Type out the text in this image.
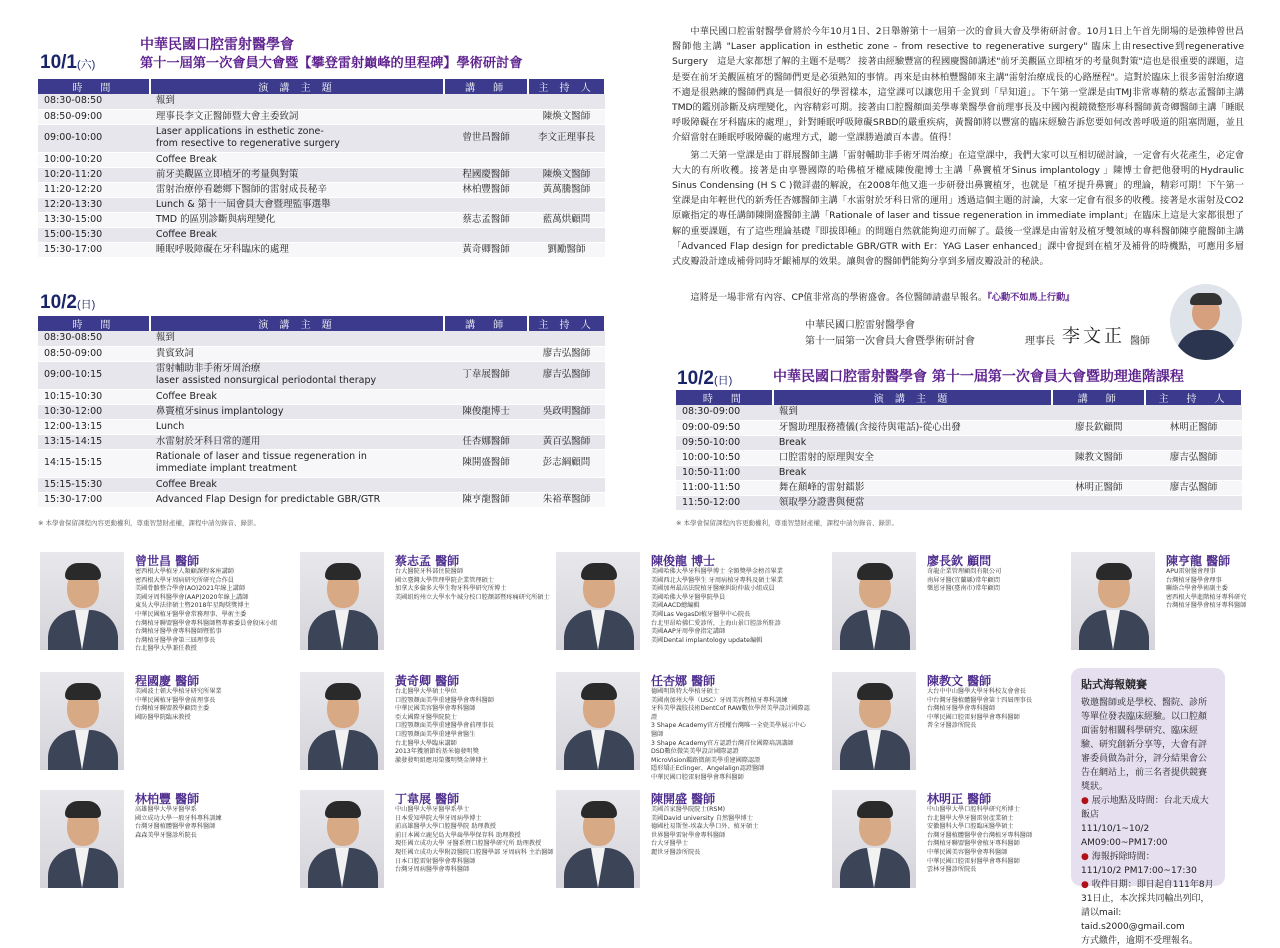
10/1(六)
中華民國口腔雷射醫學會
第十一屆第一次會員大會暨【攀登雷射巔峰的里程碑】學術研討會
時　間	演 講 主 題	講　師	主 持 人
08:30-08:50	報到		
08:50-09:00	理事長李文正醫師暨大會主委致詞		陳煥文醫師
09:00-10:00	Laser applications in esthetic zone-
from resective to regenerative surgery	曾世昌醫師	李文正理事長
10:00-10:20	Coffee Break		
10:20-11:20	前牙美觀區立即植牙的考量與對策	程國慶醫師	陳煥文醫師
11:20-12:20	雷射治療停看聽鄉下醫師的雷射成長秘辛	林柏豐醫師	黃萬騰醫師
12:20-13:30	Lunch & 第十一屆會員大會暨理監事選舉		
13:30-15:00	TMD 的區別診斷與病理變化	蔡志孟醫師	藍萬烘顧問
15:00-15:30	Coffee Break		
15:30-17:00	睡眠呼吸障礙在牙科臨床的處理	黃奇卿醫師	劉勵醫師
10/2(日)
時　間	演 講 主 題	講　師	主 持 人
08:30-08:50	報到		
08:50-09:00	貴賓致詞		廖吉弘醫師
09:00-10:15	雷射輔助非手術牙周治療
laser assisted nonsurgical periodontal therapy	丁韋展醫師	廖吉弘醫師
10:15-10:30	Coffee Break		
10:30-12:00	鼻竇植牙sinus implantology	陳俊龍博士	吳政明醫師
12:00-13:15	Lunch		
13:15-14:15	水雷射於牙科日常的運用	任杏娜醫師	黃百弘醫師
14:15-15:15	Rationale of laser and tissue regeneration in
immediate implant treatment	陳開盛醫師	彭志綱顧問
15:15-15:30	Coffee Break		
15:30-17:00	Advanced Flap Design for predictable GBR/GTR	陳亨龍醫師	朱裕華醫師
※ 本學會保留課程內容更動權利，尊重智慧財產權，課程中請勿錄音、錄影。

中華民國口腔雷射醫學會將於今年10月1日、2日舉辦第十一屆第一次的會員大會及學術研討會。10月1日上午首先開場的是強棒曾世昌醫師他主講 "Laser application in esthetic zone – from resective to regenerative surgery" 臨床上由resective到regenerative Surgery　這是大家都想了解的主題不是嗎？ 接著由經驗豐富的程國慶醫師講述"前牙美觀區立即植牙的考量與對策"這也是很重要的課題，這是要在前牙美觀區植牙的醫師們更是必須熟知的事情。再來是由林柏豐醫師來主講"雷射治療成長的心路歷程"。這對於臨床上很多雷射治療適不適是很熟練的醫師們真是一個很好的學習樣本，這堂課可以讓您用千金買到「早知道」。下午第一堂課是由TMJ非常專精的蔡志孟醫師主講TMD的鑑別診斷及病理變化，內容精彩可期。接著由口腔醫顏面美學專業醫學會前理事長及中國內視鏡微整形專科醫師黃奇卿醫師主講「睡眠呼吸障礙在牙科臨床的處理」，針對睡眠呼吸障礙SRBD的嚴重疾病，黃醫師將以豐富的臨床經驗告訴您要如何改善呼吸道的阻塞問題，並且介紹當射在睡眠呼吸障礙的處理方式，聽一堂課勝過讀百本書。值得！

第二天第一堂課是由丁群展醫師主講「雷射輔助非手術牙周治療」在這堂課中，我們大家可以互相切磋討論，一定會有火花產生，必定會大大的有所收穫。接著是由享譽國際的哈佛植牙權威陳俊龍博士主講「鼻竇植牙Sinus implantology 」陳博士會把他發明的Hydraulic Sinus Condensing (H S C )微詳盡的解說，在2008年他又進一步研發出鼻竇植牙，也就是「植牙提升鼻竇」的理論，精彩可期！下午第一堂課是由年輕世代的新秀任杏娜醫師主講「水雷射於牙科日常的運用」透過這個主題的討論，大家一定會有很多的收穫。接著是水雷射及CO2原廠指定的專任講師陳開盛醫師主講「Rationale of laser and tissue regeneration in immediate implant」在臨床上這是大家都很想了解的重要課題，有了這些理論基礎『即拔即種』的問題自然就能夠迎刃而解了。最後一堂課是由雷射及植牙雙領域的專科醫師陳亨龍醫師主講「Advanced Flap design for predictable GBR/GTR with Er：YAG Laser enhanced」課中會提到在植牙及補骨的時機點，可應用多層式皮瓣設計達成補骨同時牙齦補厚的效果。讓與會的醫師們能夠分享到多層皮瓣設計的秘訣。

這將是一場非常有內容、CP值非常高的學術盛會。各位醫師請盡早報名。『心動不如馬上行動』

中華民國口腔雷射醫學會
第十一屆第一次會員大會暨學術研討會	理事長 李文正 醫師
10/2(日)	中華民國口腔雷射醫學會 第十一屆第一次會員大會暨助理進階課程
時　間	演 講 主 題	講　師	主　持　人
08:30-09:00	報到		
09:00-09:50	牙醫助理服務禮儀(含接待與電話)-從心出發	廖長欽顧問	林明正醫師
09:50-10:00	Break		
10:00-10:50	口腔雷射的原理與安全	陳教文醫師	廖吉弘醫師
10:50-11:00	Break		
11:00-11:50	舞在顛峰的雷射鐳影	林明正醫師	廖吉弘醫師
11:50-12:00	領取學分證書與便當		
※ 本學會保留課程內容更動權利，尊重智慧財產權，課程中請勿錄音、錄影。
曾世昌 醫師
密西根大學植牙人類顧課程客座講師
密西根大學牙周病研究所研究合作員
美國骨骼整合學會(AO)2021年線上講師
美國牙周科醫學會(AAP)2020年線上講師
東吳大學法律碩士暨2018年星陶奨獎博主
中華民國植牙醫學會常務理事、學術主委
台灣植牙聯盟醫學會專科醫師暨專審委員會殷床小組
台灣植牙醫學會專科醫師暨監事
台灣植牙醫學會第三屆理事長
台北醫學大學兼任教授
蔡志孟 醫師
台大醫院牙科部住院醫師
國立臺灣大學管理學院企業管理碩士
加拿大多倫多大學生物牙科學研究所博士
美國紐約州立大學水牛城分校口腔顏部暨疼痛研究所碩士
陳俊龍 博士
美國哈佛大學牙科醫學博士 全額獎學金榜首畢業
美國西北大學醫學生 牙周病植牙專科及碩士畢業
美國加州最高法院植牙醫療糾紛仲裁小組成員
美國哈佛大學牙醫學院學員
美國AACD總編輯
美國Las VegasDI植牙醫學中心院長
台北里昂哈佛仁愛診所，上海山景口腔診所駐診
美國AAP牙周學會指定講師
美國Dental implantology update編輯
廖長欽 顧問
奇龍企業管理顧問有限公司
南屏牙醫(宜蘭縣)常年顧問
樂恩牙醫(臺南市)常年顧問
陳亨龍 醫師
APU雷射醫會理事
台灣植牙醫學會理事
聯絡合學會學術副主委
密西根大學進階植牙專科研究
台灣植牙醫學會植牙專科醫師
程國慶 醫師
美國波士頓大學植牙研究所畢業
中華民國植牙醫學會前理事長
台灣植牙聯盟教學顧問主委
國防醫學院臨床教授
黃奇卿 醫師
台北醫學大學碩士學位
口腔顎顏面美學重建醫學會專科醫師
中華民國美容醫學會專科醫師
亞太國際牙醫學院院士
口腔顎顏面美學重建醫學會前理事長
口腔顎顏面美學重建學會醫生
台北醫學大學臨床講師
2013年獲頒節約基米德發明獎
激發發明組應用榮獲明獎金牌傳主
任杏娜 醫師
德國明斯特大學植牙碩士
美國南加州大學（USC）牙周美容暨植牙專科訓練
牙科美學義肢技術DentCof RAW數位學習美學設計國際認證
3 Shape Academy官方授權台灣唯一全瓷美學展示中心醫師
3 Shape Academy官方認證台灣首位國際培訓講師
DSD數位微笑美學設計國際認證
MicroVision鑑路微創美學重建國際認證
隱形矯正Eclinger、Angelalign認證醫師
中華民國口腔雷射醫學會專科醫師
陳教文 醫師
大台中中山醫學大學牙科校友會會長
中台灣牙醫植體醫學會第十四屆理事長
台灣植牙醫學會專科醫師
中華民國口腔雷射醫學會專科醫師
普全牙醫診所院長
林柏豐 醫師
高雄醫學大學牙醫學系
國立成功大學一般牙科專科訓練
台灣牙醫植體醫學會專科醫師
森森美學牙醫診所院長
丁韋展 醫師
中山醫學大學牙醫學系學士
日本愛知學院大學牙周病學博士
前高雄醫學大學口腔醫學院 助理教授
前日本國立鹿兒島大學齒學學保存科 助理教授
現任國立成功大學 牙醫系暨口腔醫學研究所 助理教授
現任國立成功大學附設醫院口腔醫學部 牙周病科 主治醫師
日本口腔雷射醫學會專科醫師
台灣牙周病醫學會專科醫師
陳開盛 醫師
美國首家醫學院院士(RSM)
美國David university 自然醫學博士
德國杜易斯堡-埃森大學口外、植牙碩士
世界醫學雷射學會專科醫師
台大牙醫學士
麗世牙醫診所院長
林明正 醫師
中山醫學大學口腔科學研究所博士
台北醫學大學牙醫雷射產業碩士
安徽醫科大學口腔臨床醫學碩士
台灣牙醫植體醫學會台灣植牙專科醫師
台灣植牙聯盟醫學會植牙專科醫師
中華民國美容醫學會專科醫師
中華民國口腔雷射醫學會專科醫師
雲林牙醫診所院長
貼式海報競賽
敬邀醫師或是學校、醫院、診所等單位發表臨床經驗。以口腔顏面雷射相關科學研究、臨床經驗、研究創新分享等，大會有評審委員做為計分，評分結果會公告在網站上，前三名者提供競賽獎狀。
● 展示地點及時間：台北天成大飯店
111/10/1~10/2 AM09:00~PM17:00
● 海報拆除時間：
111/10/2 PM17:00~17:30
● 收件日期：即日起自111年8月31日止，本次採共同輸出列印，請以mail: taid.s2000@gmail.com
方式繳件，逾期不受理報名。
